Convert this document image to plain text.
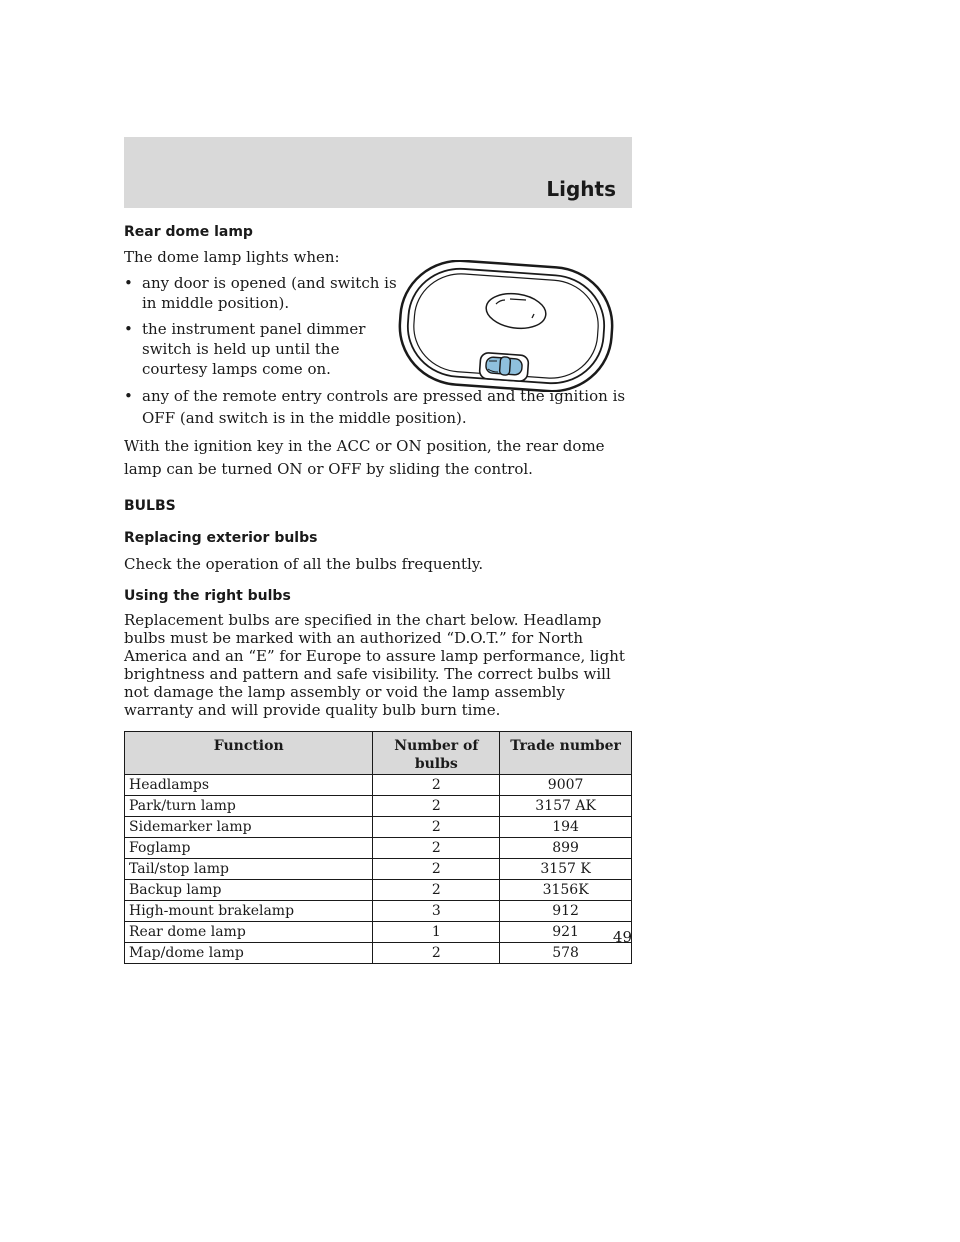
Lights
Rear dome lamp

The dome lamp lights when:

• any door is opened (and switch is in middle position).
• the instrument panel dimmer switch is held up until the courtesy lamps come on.
• any of the remote entry controls are pressed and the ignition is OFF (and switch is in the middle position).

With the ignition key in the ACC or ON position, the rear dome lamp can be turned ON or OFF by sliding the control.

BULBS
Replacing exterior bulbs

Check the operation of all the bulbs frequently.

Using the right bulbs

Replacement bulbs are specified in the chart below. Headlamp bulbs must be marked with an authorized “D.O.T.” for North America and an “E” for Europe to assure lamp performance, light brightness and pattern and safe visibility. The correct bulbs will not damage the lamp assembly or void the lamp assembly warranty and will provide quality bulb burn time.

Function	Number of bulbs	Trade number
Headlamps	2	9007
Park/turn lamp	2	3157 AK
Sidemarker lamp	2	194
Foglamp	2	899
Tail/stop lamp	2	3157 K
Backup lamp	2	3156K
High-mount brakelamp	3	912
Rear dome lamp	1	921
Map/dome lamp	2	578
49
